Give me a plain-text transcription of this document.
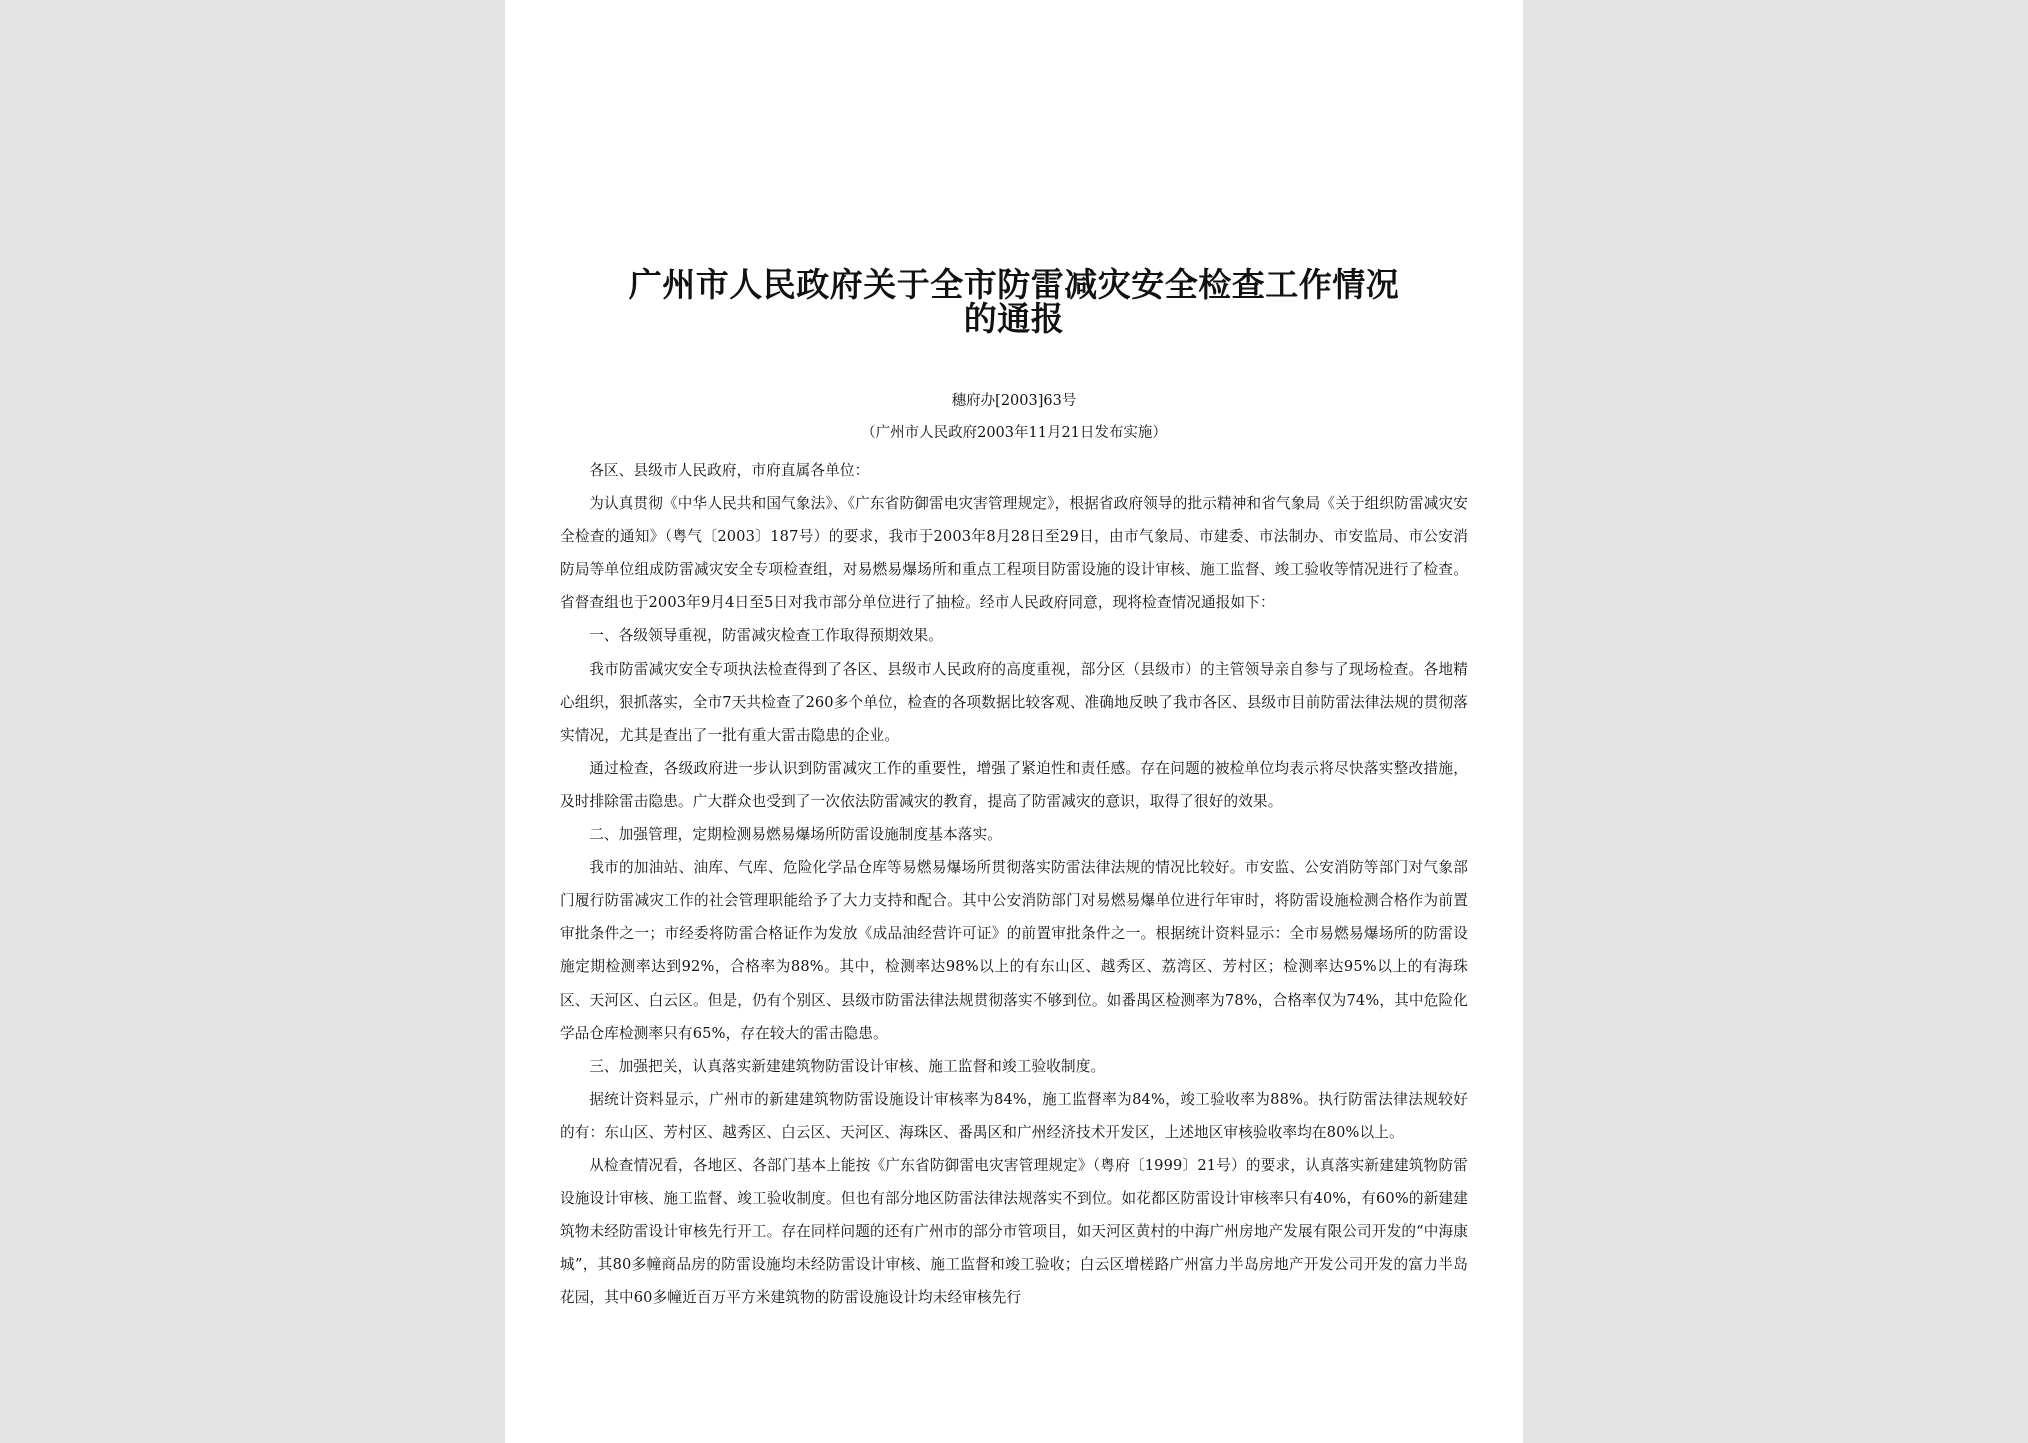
广州市人民政府关于全市防雷减灾安全检查工作情况
的通报

穗府办[2003]63号

（广州市人民政府2003年11月21日发布实施）

各区、县级市人民政府，市府直属各单位：

为认真贯彻《中华人民共和国气象法》、《广东省防御雷电灾害管理规定》，根据省政府领导的批示精神和省气象局《关于组织防雷减灾安全检查的通知》（粤气〔2003〕187号）的要求，我市于2003年8月28日至29日，由市气象局、市建委、市法制办、市安监局、市公安消防局等单位组成防雷减灾安全专项检查组，对易燃易爆场所和重点工程项目防雷设施的设计审核、施工监督、竣工验收等情况进行了检查。省督查组也于2003年9月4日至5日对我市部分单位进行了抽检。经市人民政府同意，现将检查情况通报如下：

一、各级领导重视，防雷减灾检查工作取得预期效果。

我市防雷减灾安全专项执法检查得到了各区、县级市人民政府的高度重视，部分区（县级市）的主管领导亲自参与了现场检查。各地精心组织，狠抓落实，全市7天共检查了260多个单位，检查的各项数据比较客观、准确地反映了我市各区、县级市目前防雷法律法规的贯彻落实情况，尤其是查出了一批有重大雷击隐患的企业。

通过检查，各级政府进一步认识到防雷减灾工作的重要性，增强了紧迫性和责任感。存在问题的被检单位均表示将尽快落实整改措施，及时排除雷击隐患。广大群众也受到了一次依法防雷减灾的教育，提高了防雷减灾的意识，取得了很好的效果。

二、加强管理，定期检测易燃易爆场所防雷设施制度基本落实。

我市的加油站、油库、气库、危险化学品仓库等易燃易爆场所贯彻落实防雷法律法规的情况比较好。市安监、公安消防等部门对气象部门履行防雷减灾工作的社会管理职能给予了大力支持和配合。其中公安消防部门对易燃易爆单位进行年审时，将防雷设施检测合格作为前置审批条件之一；市经委将防雷合格证作为发放《成品油经营许可证》的前置审批条件之一。根据统计资料显示：全市易燃易爆场所的防雷设施定期检测率达到92%，合格率为88%。其中，检测率达98%以上的有东山区、越秀区、荔湾区、芳村区；检测率达95%以上的有海珠区、天河区、白云区。但是，仍有个别区、县级市防雷法律法规贯彻落实不够到位。如番禺区检测率为78%，合格率仅为74%，其中危险化学品仓库检测率只有65%，存在较大的雷击隐患。

三、加强把关，认真落实新建建筑物防雷设计审核、施工监督和竣工验收制度。

据统计资料显示，广州市的新建建筑物防雷设施设计审核率为84%，施工监督率为84%，竣工验收率为88%。执行防雷法律法规较好的有：东山区、芳村区、越秀区、白云区、天河区、海珠区、番禺区和广州经济技术开发区，上述地区审核验收率均在80%以上。

从检查情况看，各地区、各部门基本上能按《广东省防御雷电灾害管理规定》（粤府〔1999〕21号）的要求，认真落实新建建筑物防雷设施设计审核、施工监督、竣工验收制度。但也有部分地区防雷法律法规落实不到位。如花都区防雷设计审核率只有40%，有60%的新建建筑物未经防雷设计审核先行开工。存在同样问题的还有广州市的部分市管项目，如天河区黄村的中海广州房地产发展有限公司开发的“中海康城”，其80多幢商品房的防雷设施均未经防雷设计审核、施工监督和竣工验收；白云区增槎路广州富力半岛房地产开发公司开发的富力半岛花园，其中60多幢近百万平方米建筑物的防雷设施设计均未经审核先行
